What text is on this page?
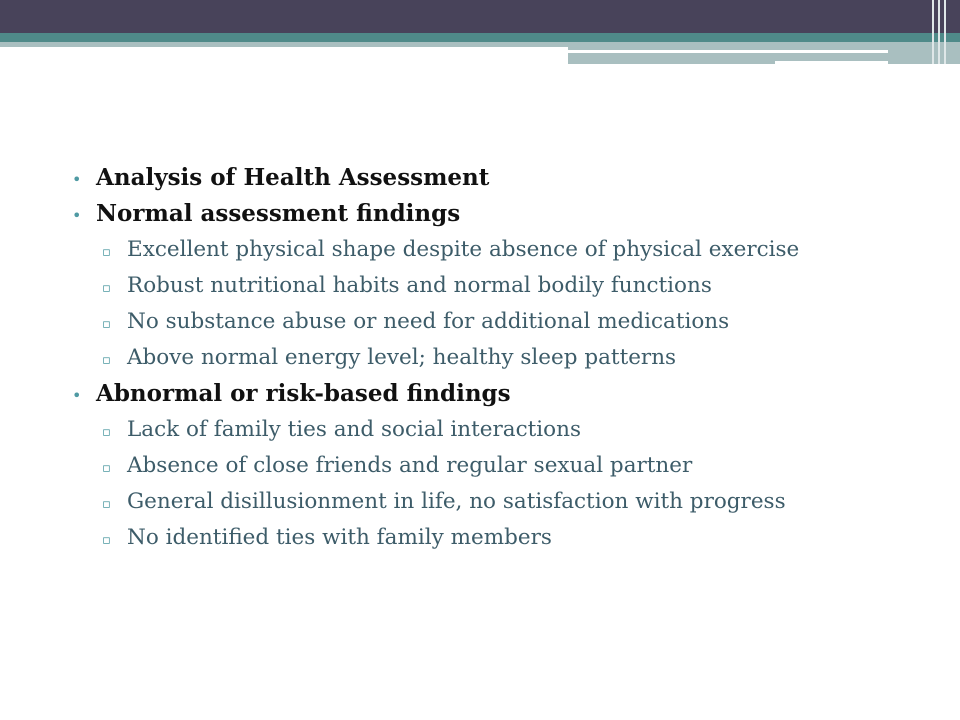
• Analysis of Health Assessment
• Normal assessment findings
▫ Excellent physical shape despite absence of physical exercise
▫ Robust nutritional habits and normal bodily functions
▫ No substance abuse or need for additional medications
▫ Above normal energy level; healthy sleep patterns
• Abnormal or risk-based findings
▫ Lack of family ties and social interactions
▫ Absence of close friends and regular sexual partner
▫ General disillusionment in life, no satisfaction with progress
▫ No identified ties with family members
